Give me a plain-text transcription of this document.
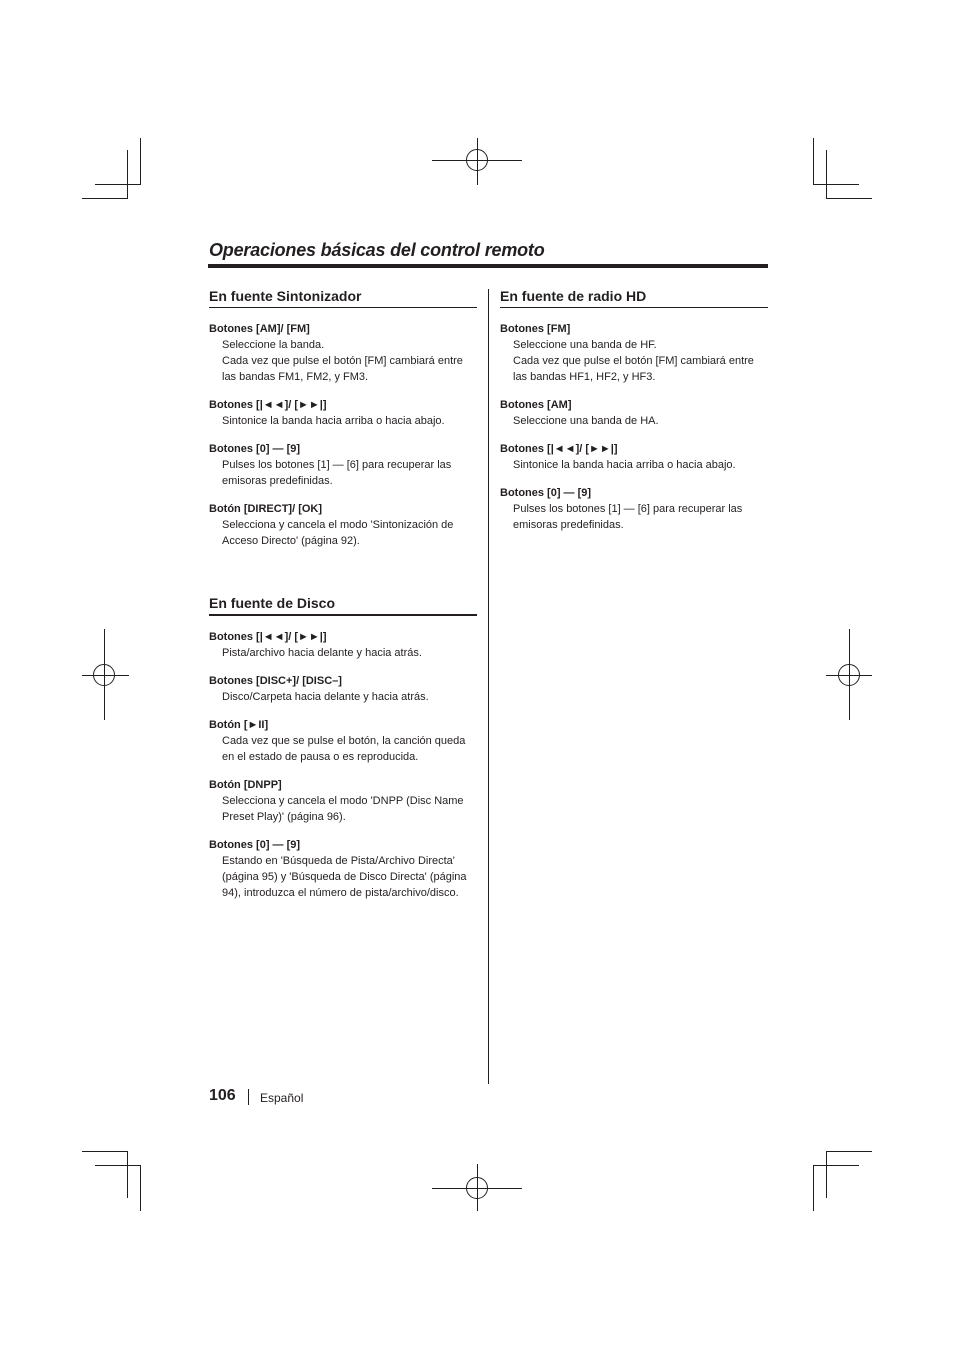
Operaciones básicas del control remoto
En fuente Sintonizador

Botones [AM]/ [FM]

Seleccione la banda.

Cada vez que pulse el botón [FM] cambiará entre

las bandas FM1, FM2, y FM3.

Botones [|◄◄]/ [►►|]

Sintonice la banda hacia arriba o hacia abajo.

Botones [0] — [9]

Pulses los botones [1] — [6] para recuperar las

emisoras predefinidas.

Botón [DIRECT]/ [OK]

Selecciona y cancela el modo 'Sintonización de

Acceso Directo' (página 92).

En fuente de Disco

Botones [|◄◄]/ [►►|]

Pista/archivo hacia delante y hacia atrás.

Botones [DISC+]/ [DISC–]

Disco/Carpeta hacia delante y hacia atrás.

Botón [►II]

Cada vez que se pulse el botón, la canción queda

en el estado de pausa o es reproducida.

Botón [DNPP]

Selecciona y cancela el modo 'DNPP (Disc Name

Preset Play)' (página 96).

Botones [0] — [9]

Estando en 'Búsqueda de Pista/Archivo Directa'

(página 95) y 'Búsqueda de Disco Directa' (página

94), introduzca el número de pista/archivo/disco.

En fuente de radio HD

Botones [FM]

Seleccione una banda de HF.

Cada vez que pulse el botón [FM] cambiará entre

las bandas HF1, HF2, y HF3.

Botones [AM]

Seleccione una banda de HA.

Botones [|◄◄]/ [►►|]

Sintonice la banda hacia arriba o hacia abajo.

Botones [0] — [9]

Pulses los botones [1] — [6] para recuperar las

emisoras predefinidas.

106 Español
